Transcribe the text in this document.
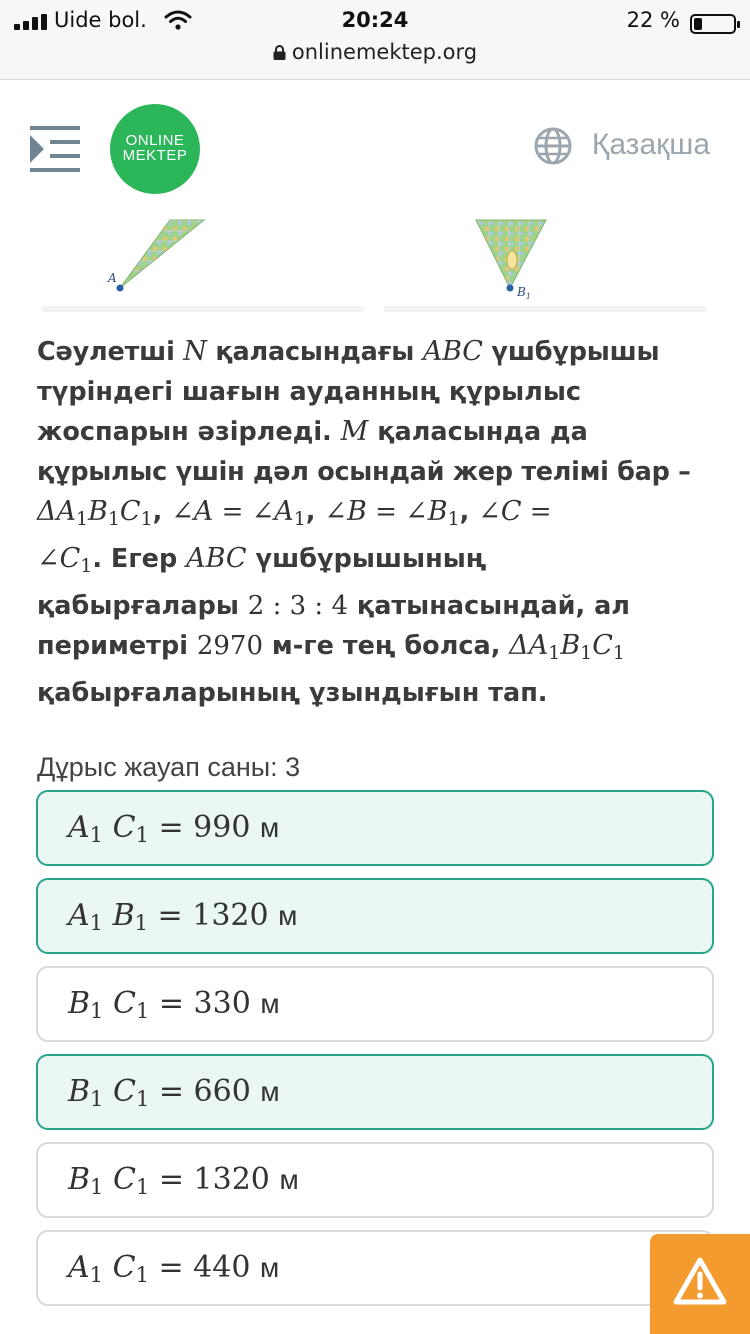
Uide bol.	20:24	22 %
onlinemektep.org
ONLINE
MEKTEP	Қазақша
A
$B_1$
Сәулетші N қаласындағы ABC үшбұрышы
түріндегі шағын ауданның құрылыс
жоспарын әзірледі. M қаласында да
құрылыс үшін дәл осындай жер телімі бар –
$\Delta A_1B_1C_1$, ∠A = $\angle A_1$, ∠B = $\angle B_1$, ∠C =
$\angle C_1$. Егер ABC үшбұрышының
қабырғалары 2 : 3 : 4 қатынасындай, ал
периметрі 2970 м-ге тең болса, $\Delta A_1B_1C_1$
қабырғаларының ұзындығын тап.
Дұрыс жауап саны: 3
$A_1$ $C_1 = 990$ м
$A_1$ $B_1 = 1320$ м
$B_1$ $C_1 = 330$ м
$B_1$ $C_1 = 660$ м
$B_1$ $C_1 = 1320$ м
$A_1$ $C_1 = 440$ м
